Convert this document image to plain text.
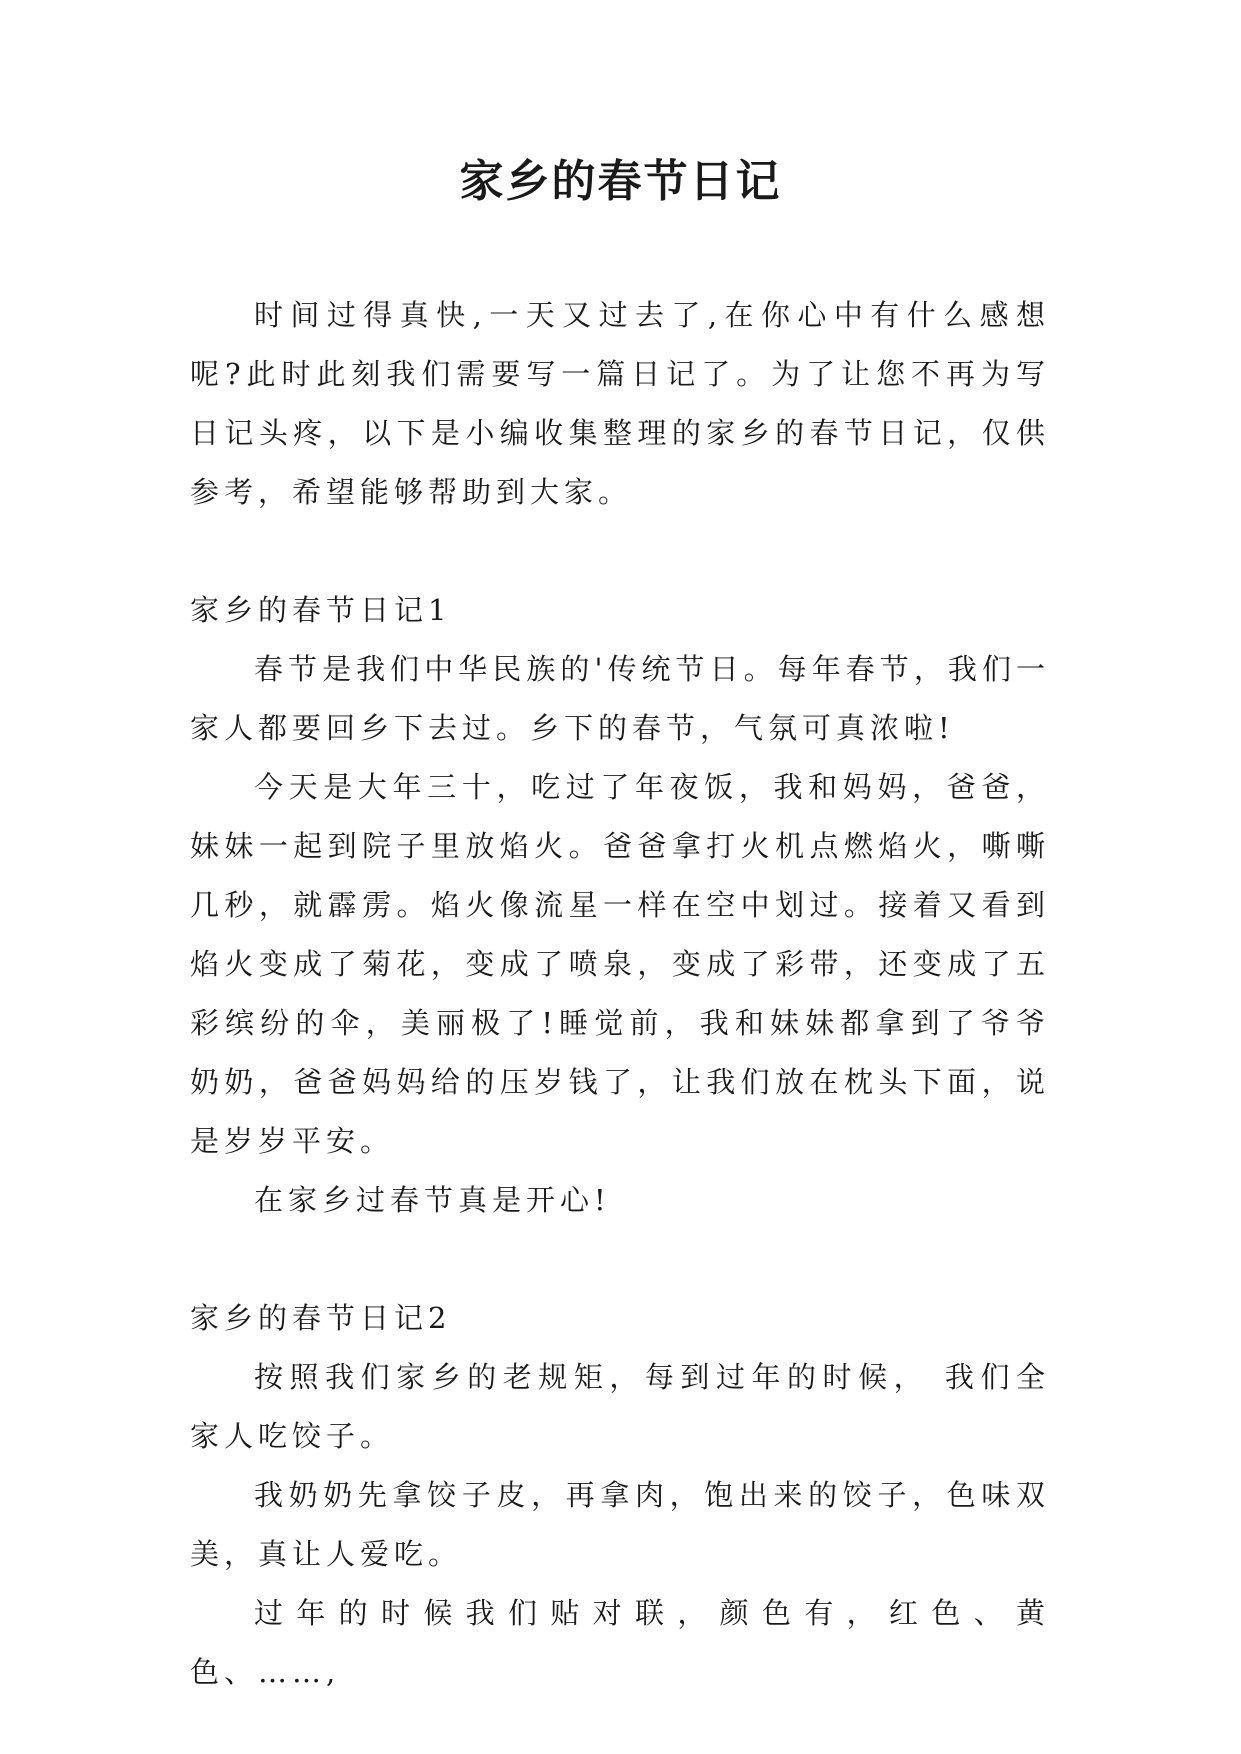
家乡的春节日记

时间过得真快,一天又过去了,在你心中有什么感想呢?此时此刻我们需要写一篇日记了。为了让您不再为写日记头疼，以下是小编收集整理的家乡的春节日记，仅供参考，希望能够帮助到大家。

家乡的春节日记1

春节是我们中华民族的'传统节日。每年春节，我们一家人都要回乡下去过。乡下的春节，气氛可真浓啦!

今天是大年三十，吃过了年夜饭，我和妈妈，爸爸，妹妹一起到院子里放焰火。爸爸拿打火机点燃焰火，嘶嘶几秒，就霹雳。焰火像流星一样在空中划过。接着又看到焰火变成了菊花，变成了喷泉，变成了彩带，还变成了五彩缤纷的伞，美丽极了!睡觉前，我和妹妹都拿到了爷爷奶奶，爸爸妈妈给的压岁钱了，让我们放在枕头下面，说是岁岁平安。

在家乡过春节真是开心!

家乡的春节日记2

按照我们家乡的老规矩，每到过年的时候， 我们全家人吃饺子。

我奶奶先拿饺子皮，再拿肉，饱出来的饺子，色味双美，真让人爱吃。

过年的时候我们贴对联，颜色有，红色、黄色、……,
